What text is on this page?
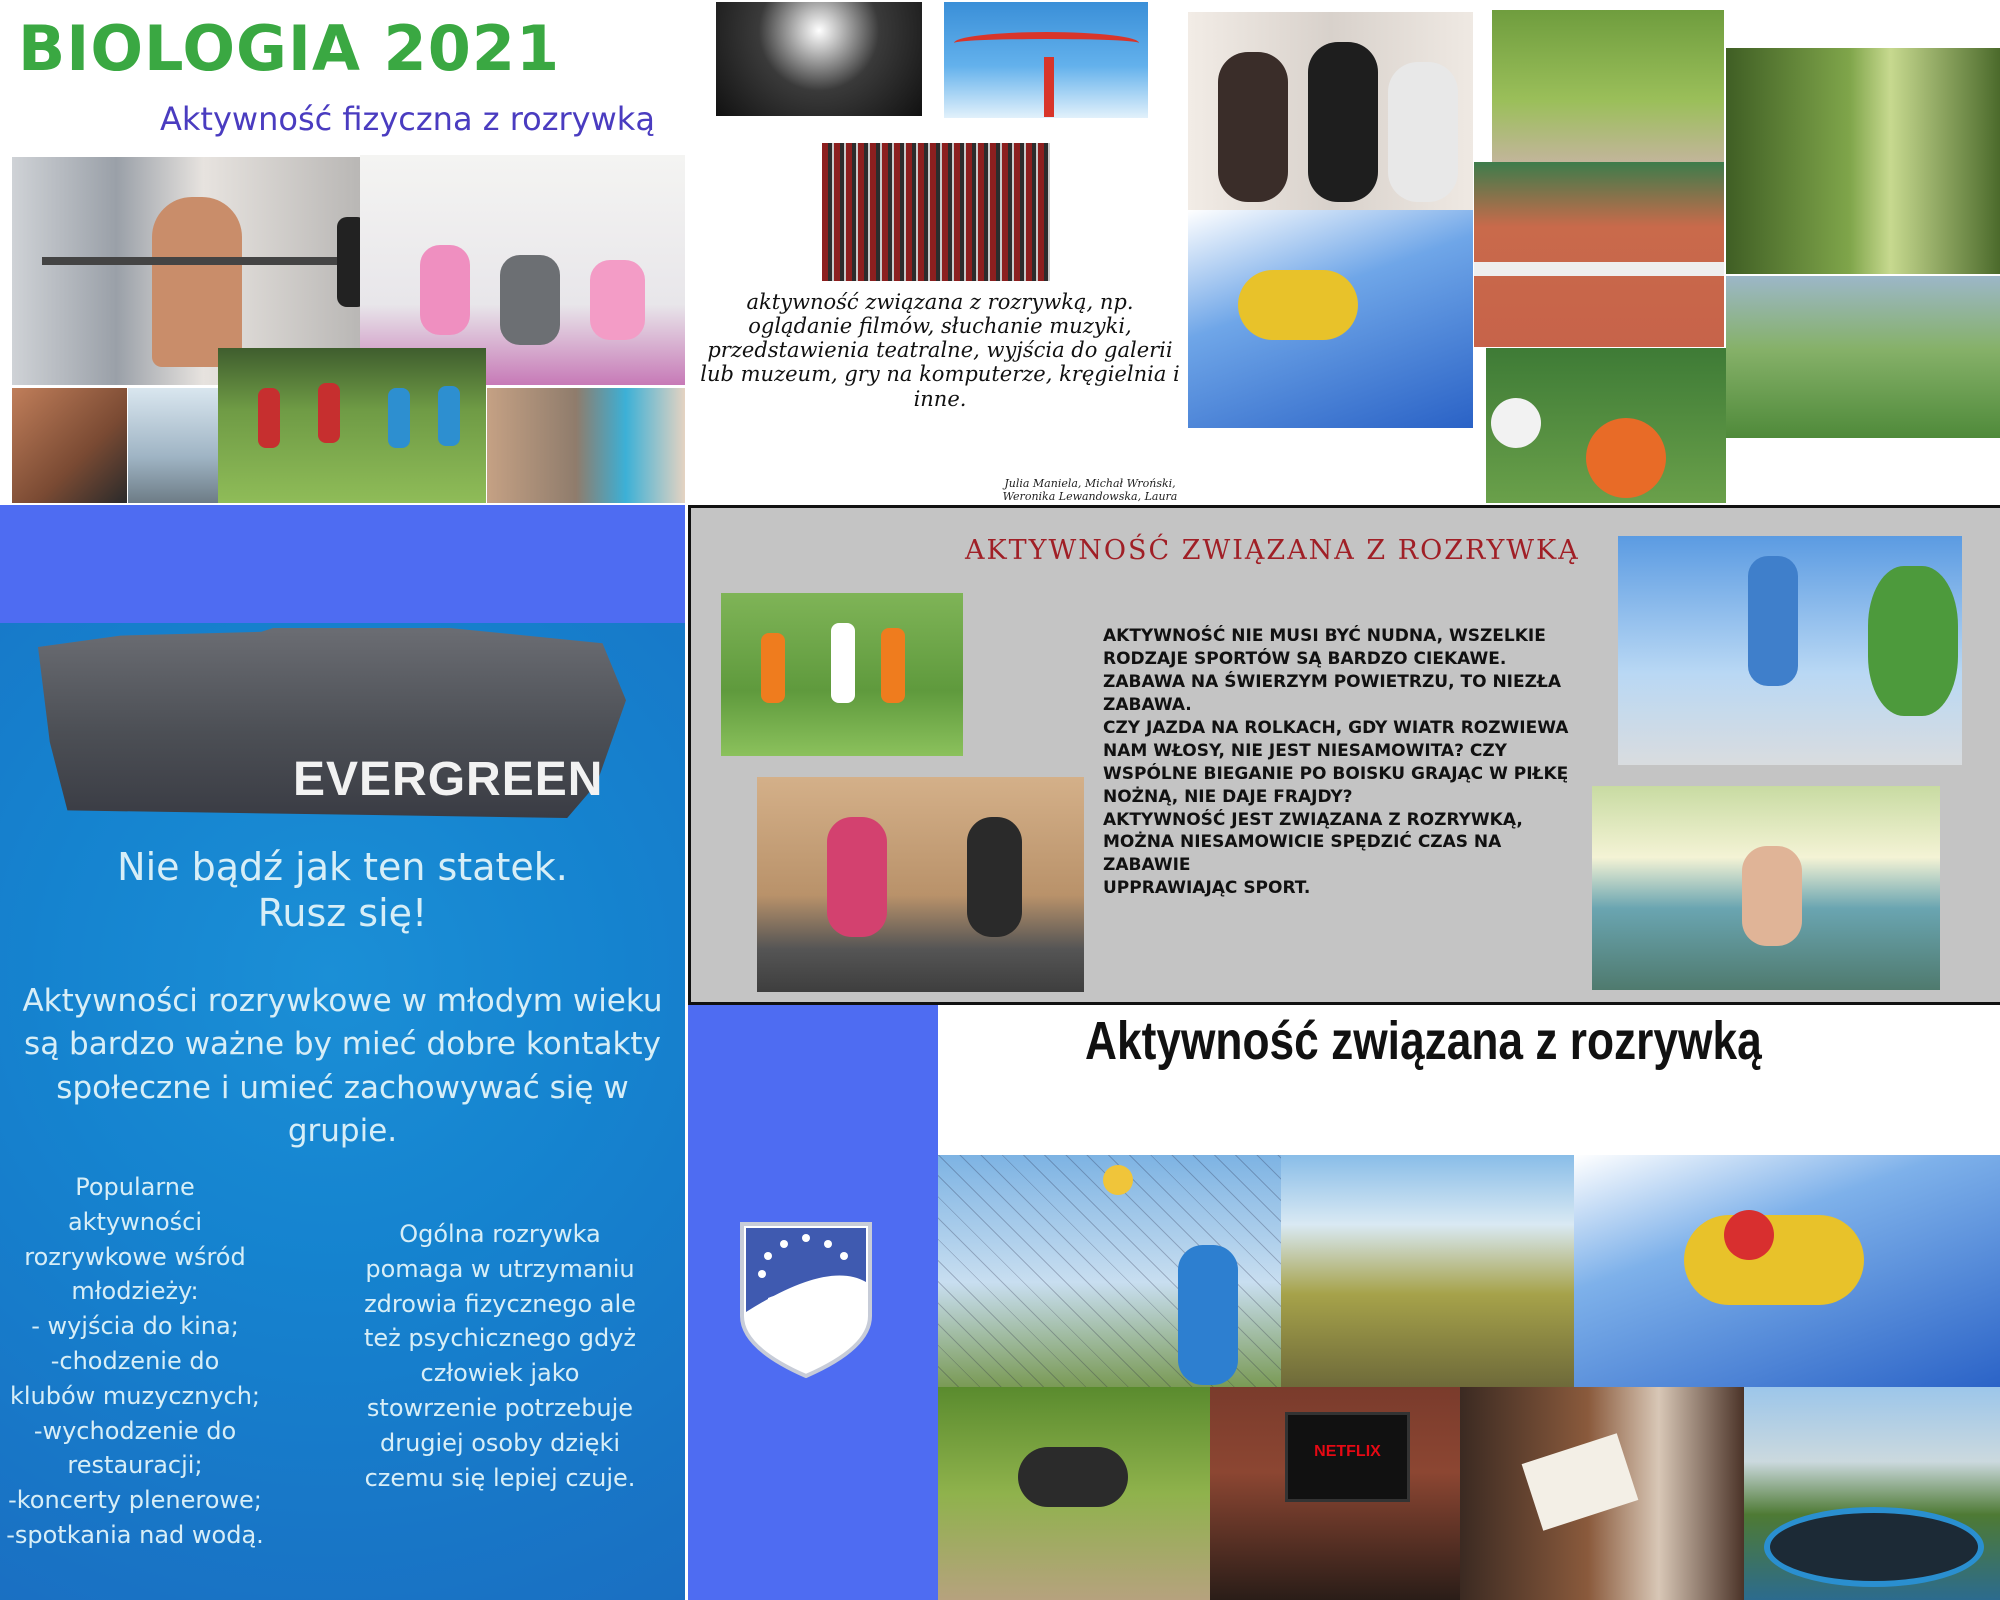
BIOLOGIA 2021
Aktywność fizyczna z rozrywką
aktywność związana z rozrywką, np. oglądanie filmów, słuchanie muzyki, przedstawienia teatralne, wyjścia do galerii lub muzeum, gry na komputerze, kręgielnia i inne.
Julia Maniela, Michał Wroński, Weronika Lewandowska, Laura
EVERGREEN
Nie bądź jak ten statek.
Rusz się!
Aktywności rozrywkowe w młodym wieku są bardzo ważne by mieć dobre kontakty społeczne i umieć zachowywać się w grupie.
Popularne
aktywności
rozrywkowe wśród
młodzieży:
- wyjścia do kina;
-chodzenie do
klubów muzycznych;
-wychodzenie do
restauracji;
-koncerty plenerowe;
-spotkania nad wodą.
Ogólna rozrywka pomaga w utrzymaniu zdrowia fizycznego ale też psychicznego gdyż człowiek jako stowrzenie potrzebuje drugiej osoby dzięki czemu się lepiej czuje.
AKTYWNOŚĆ ZWIĄZANA Z ROZRYWKĄ
AKTYWNOŚĆ NIE MUSI BYĆ NUDNA, WSZELKIE
RODZAJE SPORTÓW SĄ BARDZO CIEKAWE.
ZABAWA NA ŚWIERZYM POWIETRZU, TO NIEZŁA
ZABAWA.
CZY JAZDA NA ROLKACH, GDY WIATR ROZWIEWA
NAM WŁOSY, NIE JEST NIESAMOWITA? CZY
WSPÓLNE BIEGANIE PO BOISKU GRAJĄC W PIŁKĘ
NOŻNĄ, NIE DAJE FRAJDY?
AKTYWNOŚĆ JEST ZWIĄZANA Z ROZRYWKĄ,
MOŻNA NIESAMOWICIE SPĘDZIĆ CZAS NA ZABAWIE
UPPRAWIAJĄC SPORT.
Aktywność związana z rozrywką
NETFLIX
